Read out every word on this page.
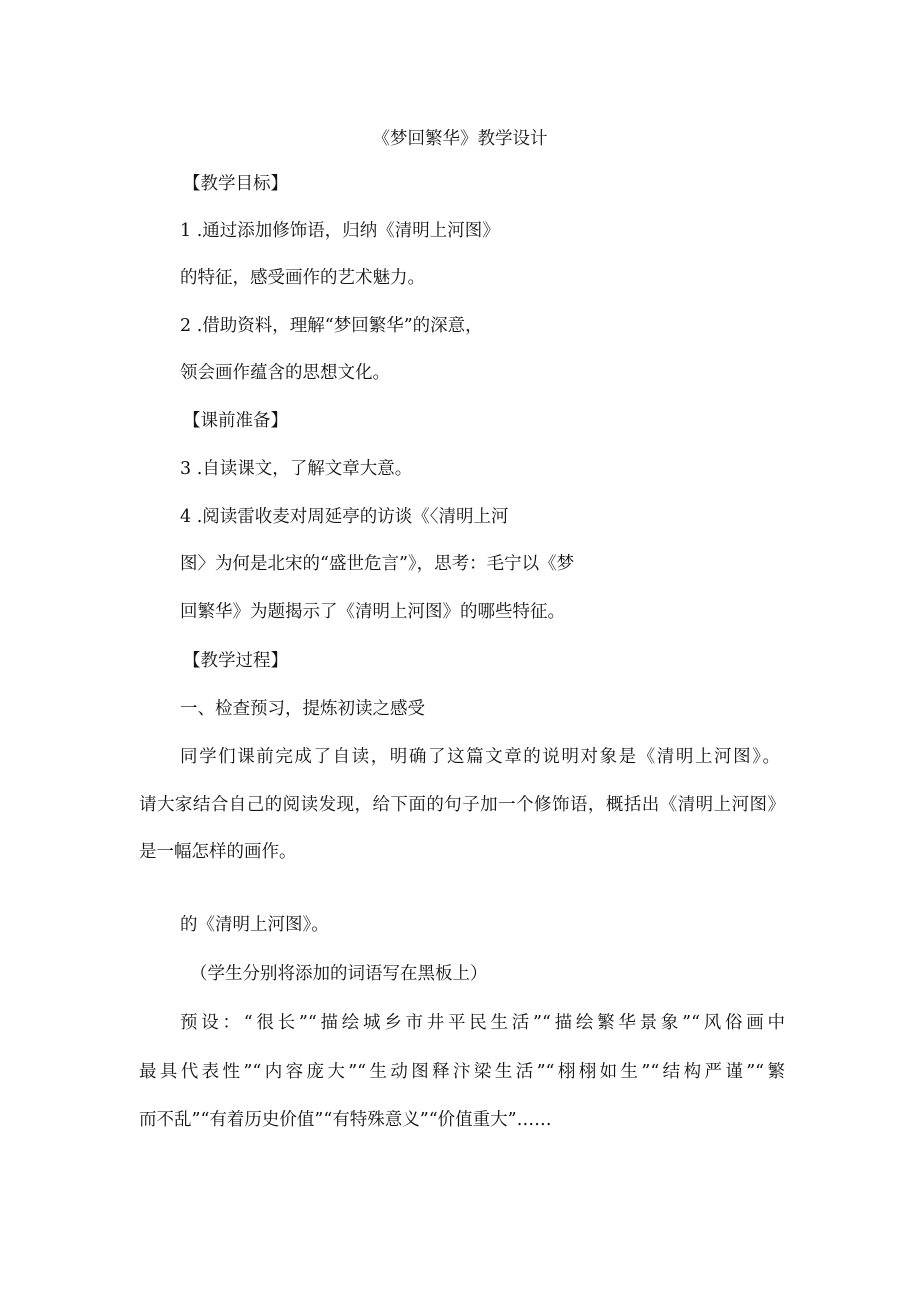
《梦回繁华》教学设计

【教学目标】

1 .通过添加修饰语，归纳《清明上河图》

的特征，感受画作的艺术魅力。

2 .借助资料，理解“梦回繁华”的深意，

领会画作蕴含的思想文化。

【课前准备】

3 .自读课文，了解文章大意。

4 .阅读雷收麦对周延亭的访谈《〈清明上河

图〉为何是北宋的“盛世危言”》，思考：毛宁以《梦

回繁华》为题揭示了《清明上河图》的哪些特征。

【教学过程】

一、检查预习，提炼初读之感受

同学们课前完成了自读，明确了这篇文章的说明对象是《清明上河图》。

请大家结合自己的阅读发现，给下面的句子加一个修饰语，概括出《清明上河图》

是一幅怎样的画作。

的《清明上河图》。

（学生分别将添加的词语写在黑板上）

预设：“很长”“描绘城乡市井平民生活”“描绘繁华景象”“风俗画中

最具代表性”“内容庞大”“生动图释汴梁生活”“栩栩如生”“结构严谨”“繁

而不乱”“有着历史价值”“有特殊意义”“价值重大”……
